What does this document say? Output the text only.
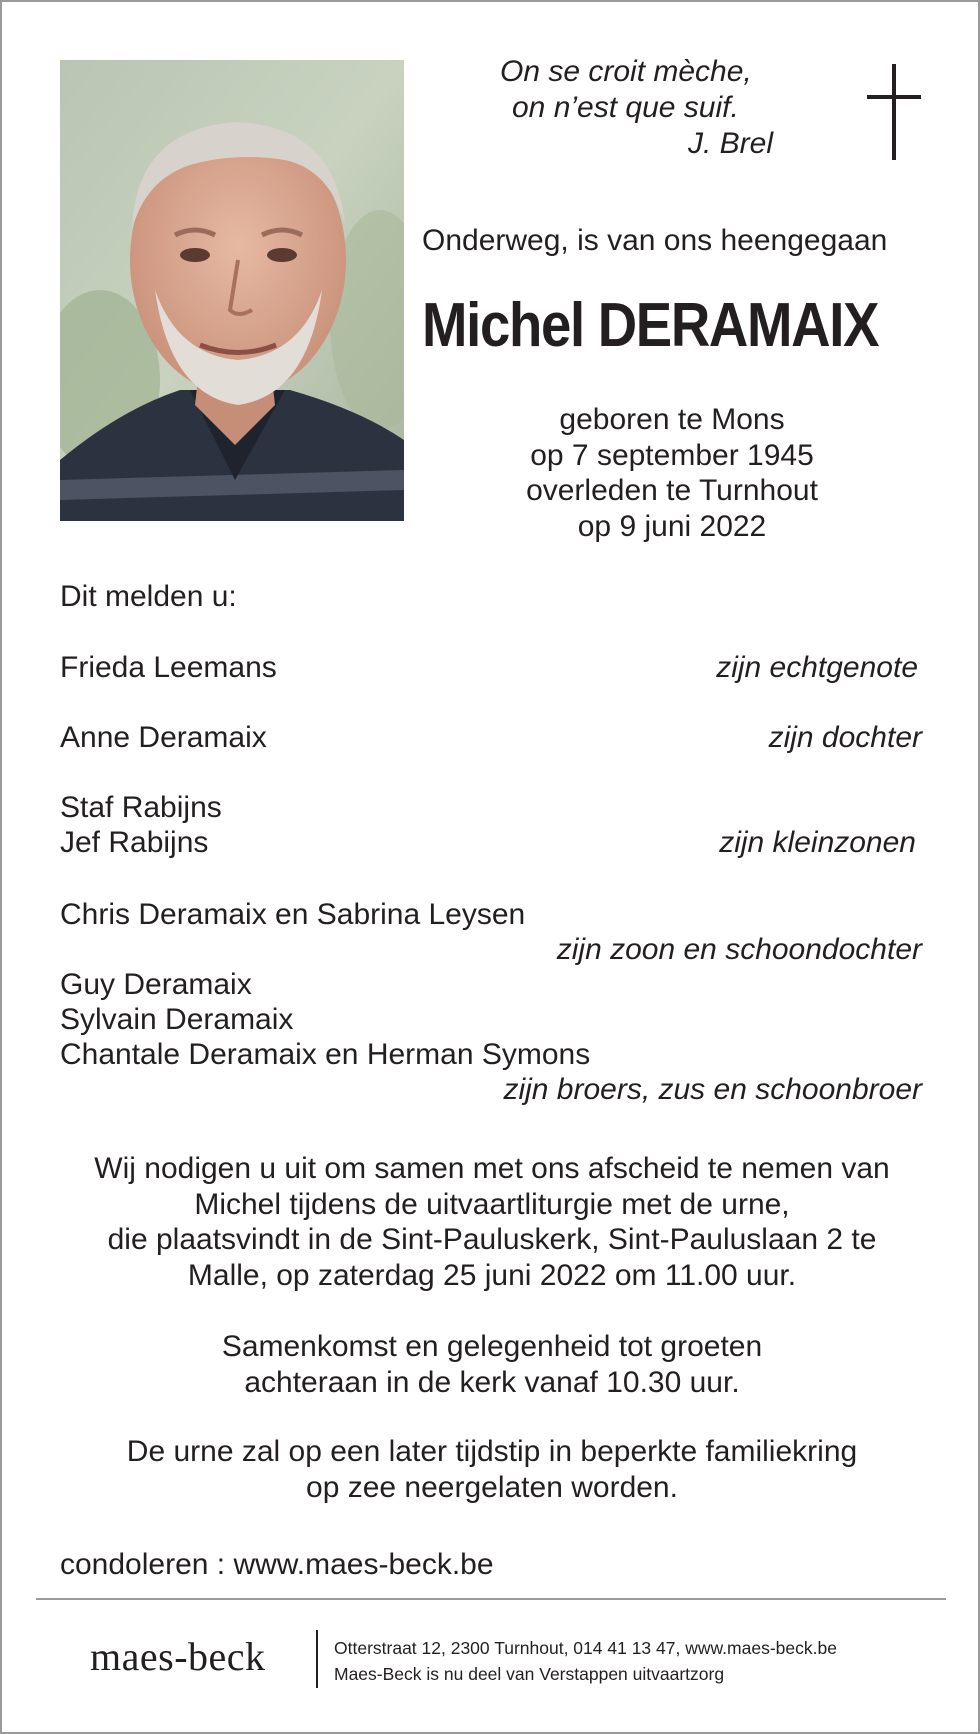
On se croit mèche,
on n’est que suif.
J. Brel
Onderweg, is van ons heengegaan
Michel DERAMAIX
geboren te Mons
op 7 september 1945
overleden te Turnhout
op 9 juni 2022
Dit melden u:
Frieda Leemans	zijn echtgenote
Anne Deramaix	zijn dochter
Staf Rabijns
Jef Rabijns	zijn kleinzonen
Chris Deramaix en Sabrina Leysen
zijn zoon en schoondochter
Guy Deramaix
Sylvain Deramaix
Chantale Deramaix en Herman Symons
zijn broers, zus en schoonbroer
Wij nodigen u uit om samen met ons afscheid te nemen van
Michel tijdens de uitvaartliturgie met de urne,
die plaatsvindt in de Sint-Pauluskerk, Sint-Pauluslaan 2 te
Malle, op zaterdag 25 juni 2022 om 11.00 uur.
Samenkomst en gelegenheid tot groeten
achteraan in de kerk vanaf 10.30 uur.
De urne zal op een later tijdstip in beperkte familiekring
op zee neergelaten worden.
condoleren : www.maes-beck.be
maes-beck	Otterstraat 12, 2300 Turnhout, 014 41 13 47, www.maes-beck.be
Maes-Beck is nu deel van Verstappen uitvaartzorg
